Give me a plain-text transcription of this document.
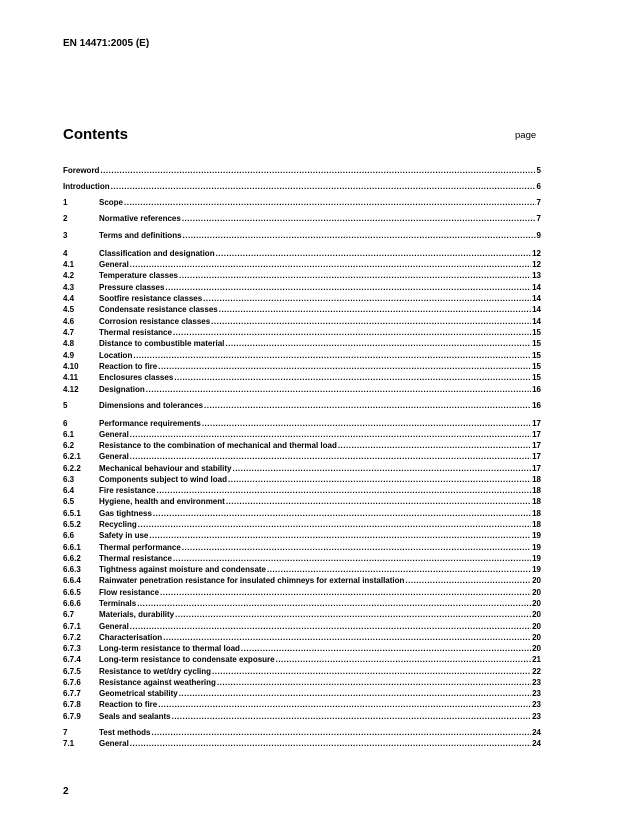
EN 14471:2005 (E)
Contents	page
Foreword .....	5
Introduction .....	6
1	Scope .....	7
2	Normative references .....	7
3	Terms and definitions .....	9
4	Classification and designation .....	12
4.1	General .....	12
4.2	Temperature classes .....	13
4.3	Pressure classes .....	14
4.4	Sootfire resistance classes .....	14
4.5	Condensate resistance classes .....	14
4.6	Corrosion resistance classes .....	14
4.7	Thermal resistance .....	15
4.8	Distance to combustible material .....	15
4.9	Location .....	15
4.10	Reaction to fire .....	15
4.11	Enclosures classes .....	15
4.12	Designation .....	16
5	Dimensions and tolerances .....	16
6	Performance requirements .....	17
6.1	General .....	17
6.2	Resistance to the combination of mechanical and thermal load .....	17
6.2.1	General .....	17
6.2.2	Mechanical behaviour and stability .....	17
6.3	Components subject to wind load .....	18
6.4	Fire resistance .....	18
6.5	Hygiene, health and environment .....	18
6.5.1	Gas tightness .....	18
6.5.2	Recycling .....	18
6.6	Safety in use .....	19
6.6.1	Thermal performance .....	19
6.6.2	Thermal resistance .....	19
6.6.3	Tightness against moisture and condensate .....	19
6.6.4	Rainwater penetration resistance for insulated chimneys for external installation .....	20
6.6.5	Flow resistance .....	20
6.6.6	Terminals .....	20
6.7	Materials, durability .....	20
6.7.1	General .....	20
6.7.2	Characterisation .....	20
6.7.3	Long-term resistance to thermal load .....	20
6.7.4	Long-term resistance to condensate exposure .....	21
6.7.5	Resistance to wet/dry cycling .....	22
6.7.6	Resistance against weathering .....	23
6.7.7	Geometrical stability .....	23
6.7.8	Reaction to fire .....	23
6.7.9	Seals and sealants .....	23
7	Test methods .....	24
7.1	General .....	24
2
